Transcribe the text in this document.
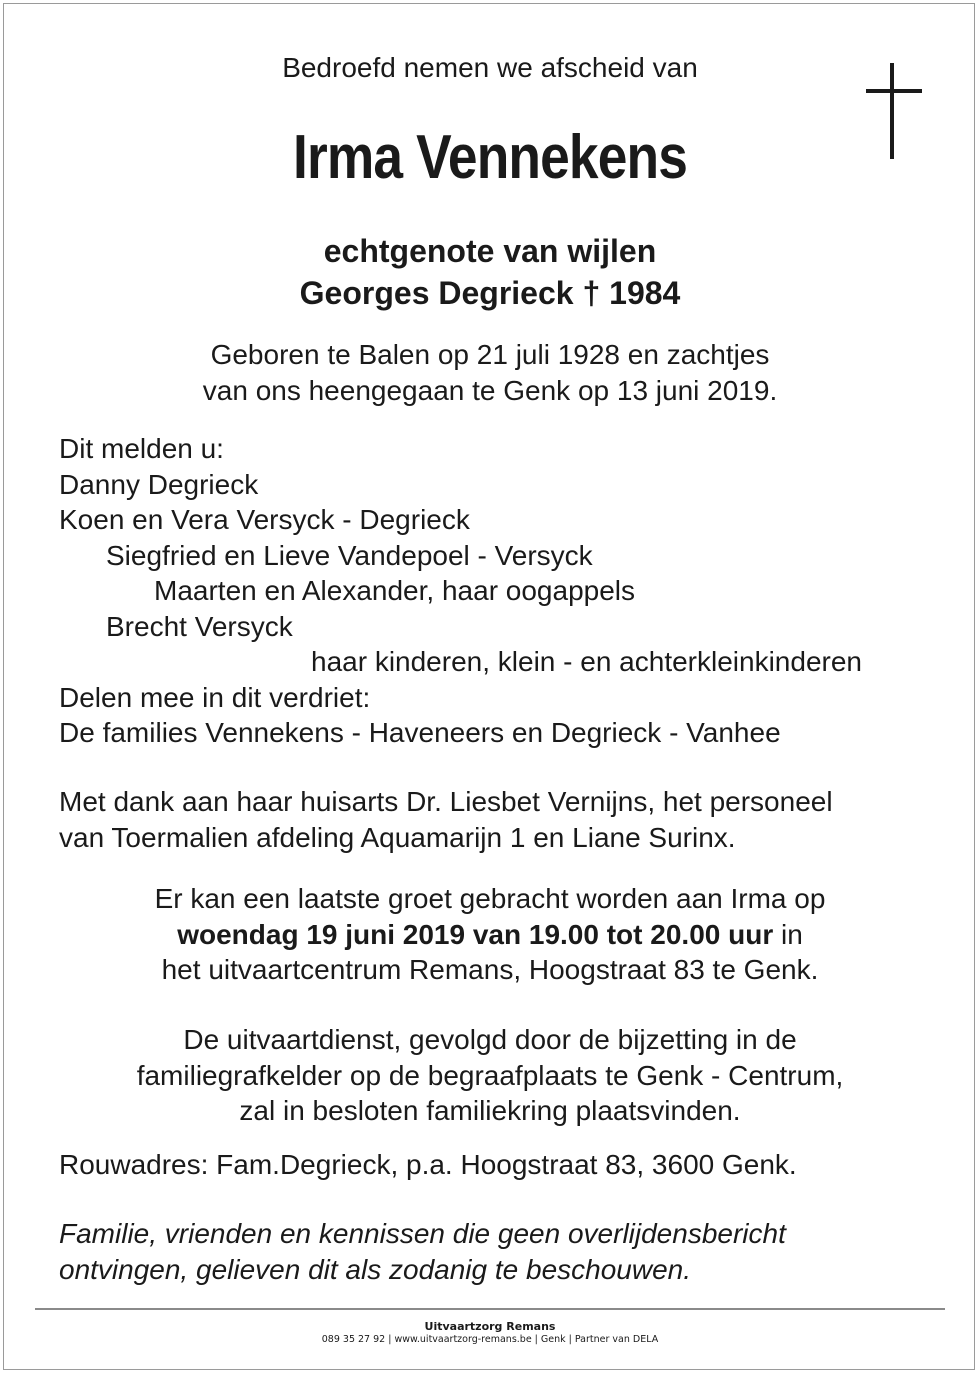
Bedroefd nemen we afscheid van
Irma Vennekens
echtgenote van wijlen
Georges Degrieck † 1984
Geboren te Balen op 21 juli 1928 en zachtjes
van ons heengegaan te Genk op 13 juni 2019.
Dit melden u:
Danny Degrieck
Koen en Vera Versyck - Degrieck
Siegfried en Lieve Vandepoel - Versyck
Maarten en Alexander, haar oogappels
Brecht Versyck
haar kinderen, klein - en achterkleinkinderen
Delen mee in dit verdriet:
De families Vennekens - Haveneers en Degrieck - Vanhee
Met dank aan haar huisarts Dr. Liesbet Vernijns, het personeel
van Toermalien afdeling Aquamarijn 1 en Liane Surinx.
Er kan een laatste groet gebracht worden aan Irma op
woendag 19 juni 2019 van 19.00 tot 20.00 uur in
het uitvaartcentrum Remans, Hoogstraat 83 te Genk.
De uitvaartdienst, gevolgd door de bijzetting in de
familiegrafkelder op de begraafplaats te Genk - Centrum,
zal in besloten familiekring plaatsvinden.
Rouwadres: Fam.Degrieck, p.a. Hoogstraat 83, 3600 Genk.
Familie, vrienden en kennissen die geen overlijdensbericht
ontvingen, gelieven dit als zodanig te beschouwen.
Uitvaartzorg Remans
089 35 27 92 | www.uitvaartzorg-remans.be | Genk | Partner van DELA
